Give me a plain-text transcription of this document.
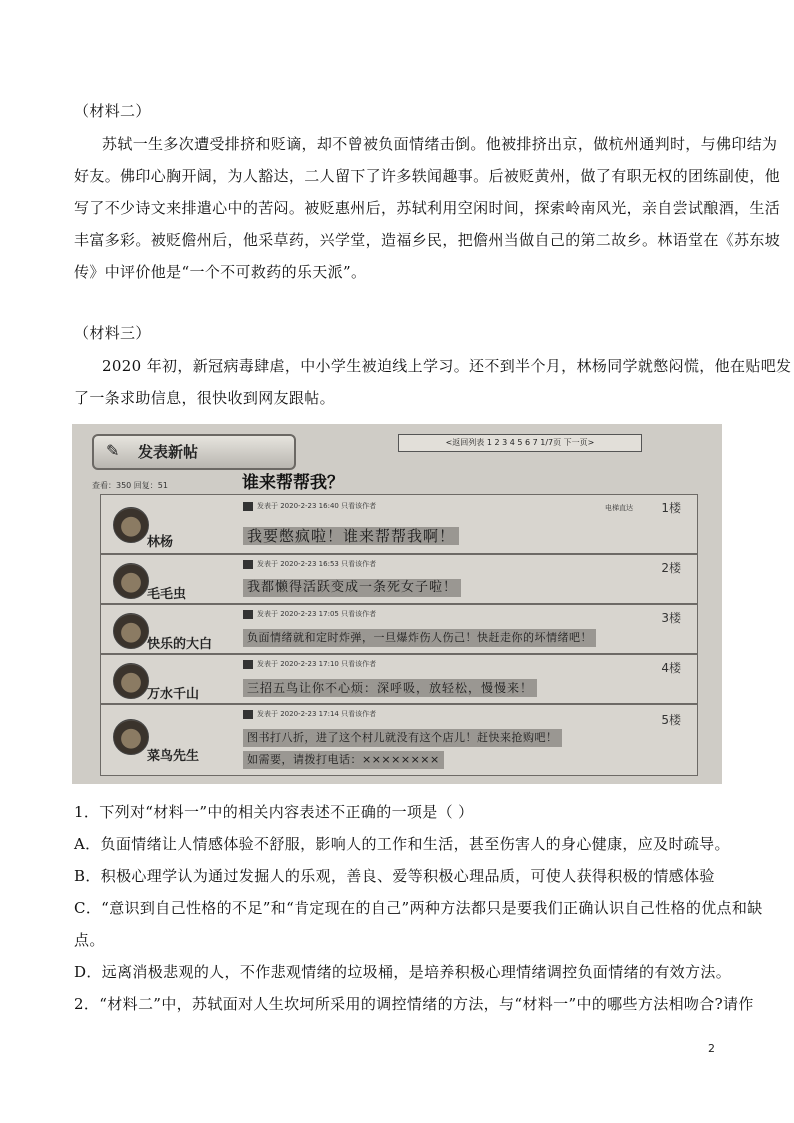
（材料二）
苏轼一生多次遭受排挤和贬谪，却不曾被负面情绪击倒。他被排挤出京，做杭州通判时，与佛印结为
好友。佛印心胸开阔，为人豁达，二人留下了许多轶闻趣事。后被贬黄州，做了有职无权的团练副使，他
写了不少诗文来排遣心中的苦闷。被贬惠州后，苏轼利用空闲时间，探索岭南风光，亲自尝试酿酒，生活
丰富多彩。被贬儋州后，他采草药，兴学堂，造福乡民，把儋州当做自己的第二故乡。林语堂在《苏东坡
传》中评价他是“一个不可救药的乐天派”。
（材料三）
2020 年初，新冠病毒肆虐，中小学生被迫线上学习。还不到半个月，林杨同学就憋闷慌，他在贴吧发
了一条求助信息，很快收到网友跟帖。
✎	发表新帖
<返回列表 1 2 3 4 5 6 7 1/7页 下一页>
查看：350 回复：51	谁来帮帮我？
林杨
发表于 2020-2-23 16:40 只看该作者	电梯直达 1楼
我要憋疯啦！谁来帮帮我啊！
毛毛虫
发表于 2020-2-23 16:53 只看该作者	2楼
我都懒得活跃变成一条死女子啦！
快乐的大白
发表于 2020-2-23 17:05 只看该作者	3楼
负面情绪就和定时炸弹，一旦爆炸伤人伤己！快赶走你的坏情绪吧！
万水千山
发表于 2020-2-23 17:10 只看该作者	4楼
三招五鸟让你不心烦：深呼吸，放轻松，慢慢来！
菜鸟先生
发表于 2020-2-23 17:14 只看该作者	5楼
图书打八折，进了这个村儿就没有这个店儿！赶快来抢购吧！
如需要，请拨打电话：××××××××
1．下列对“材料一”中的相关内容表述不正确的一项是（ ）
A．负面情绪让人情感体验不舒服，影响人的工作和生活，甚至伤害人的身心健康，应及时疏导。
B．积极心理学认为通过发掘人的乐观，善良、爱等积极心理品质，可使人获得积极的情感体验
C．“意识到自己性格的不足”和“肯定现在的自己”两种方法都只是要我们正确认识自己性格的优点和缺
点。
D．远离消极悲观的人，不作悲观情绪的垃圾桶，是培养积极心理情绪调控负面情绪的有效方法。
2．“材料二”中，苏轼面对人生坎坷所采用的调控情绪的方法，与“材料一”中的哪些方法相吻合?请作
2
